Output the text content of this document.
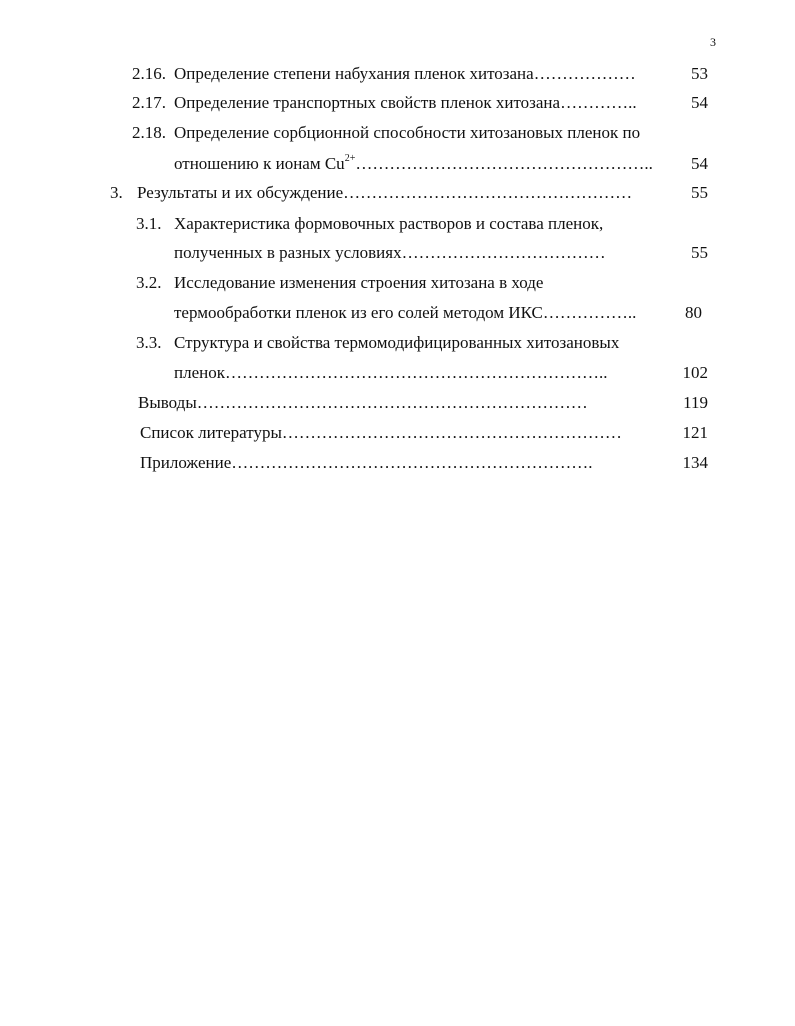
3
2.16. Определение степени набухания пленок хитозана………………	53
2.17. Определение транспортных свойств пленок хитозана…………..	54
2.18. Определение сорбционной способности хитозановых пленок по
отношению к ионам $Cu^{2+}\dots\dots\dots\dots\dots\dots\dots\dots\dots\dots\dots\dots\dots\dots\dots\dots\dots$.. 54
3. Результаты и их обсуждение……………………………………………	55
3.1. Характеристика формовочных растворов и состава пленок,
полученных в разных условиях………………………………	55
3.2. Исследование изменения строения хитозана в ходе
термообработки пленок из его солей методом ИКС……………..	80
3.3. Структура и свойства термомодифицированных хитозановых
пленок…………………………………………………………..	102
Выводы……………………………………………………………	119
Список литературы……………………………………………………	121
Приложение……………………………………………………….	134
